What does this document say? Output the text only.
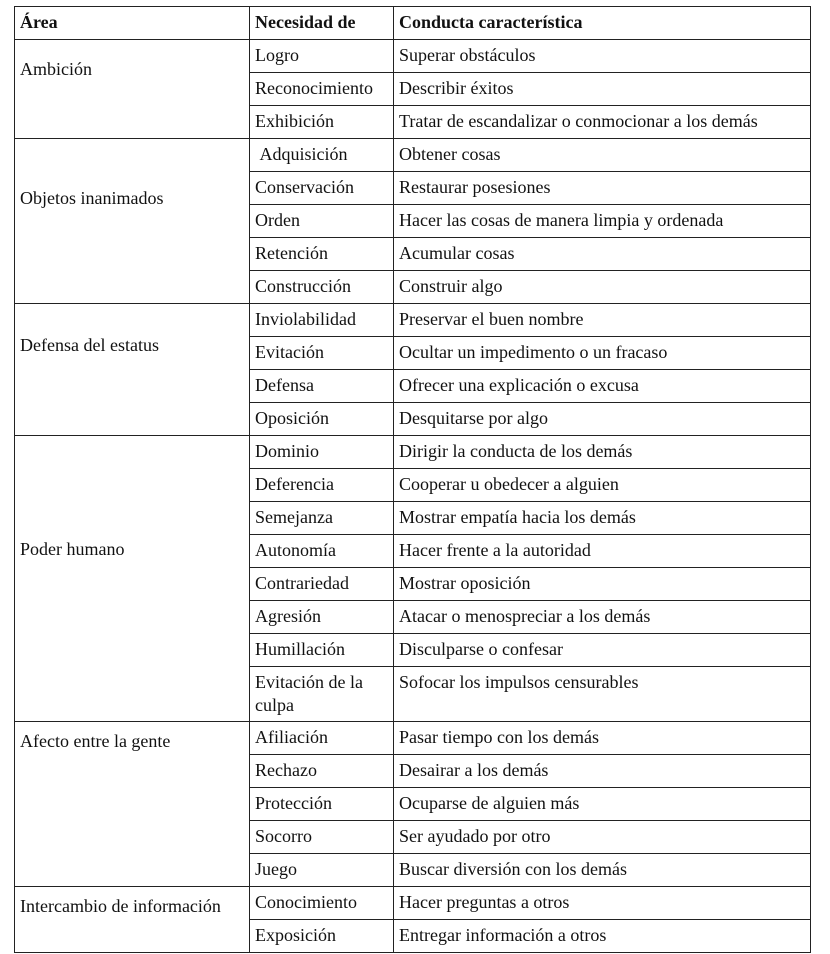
Área	Necesidad de	Conducta característica

Ambición	Logro	Superar obstáculos
	Reconocimiento	Describir éxitos
	Exhibición	Tratar de escandalizar o conmocionar a los demás

Objetos inanimados	Adquisición	Obtener cosas
	Conservación	Restaurar posesiones
	Orden	Hacer las cosas de manera limpia y ordenada
	Retención	Acumular cosas
	Construcción	Construir algo

Defensa del estatus	Inviolabilidad	Preservar el buen nombre
	Evitación	Ocultar un impedimento o un fracaso
	Defensa	Ofrecer una explicación o excusa
	Oposición	Desquitarse por algo

Poder humano	Dominio	Dirigir la conducta de los demás
	Deferencia	Cooperar u obedecer a alguien
	Semejanza	Mostrar empatía hacia los demás
	Autonomía	Hacer frente a la autoridad
	Contrariedad	Mostrar oposición
	Agresión	Atacar o menospreciar a los demás
	Humillación	Disculparse o confesar
	Evitación de la culpa	Sofocar los impulsos censurables

Afecto entre la gente	Afiliación	Pasar tiempo con los demás
	Rechazo	Desairar a los demás
	Protección	Ocuparse de alguien más
	Socorro	Ser ayudado por otro
	Juego	Buscar diversión con los demás

Intercambio de información	Conocimiento	Hacer preguntas a otros
	Exposición	Entregar información a otros
